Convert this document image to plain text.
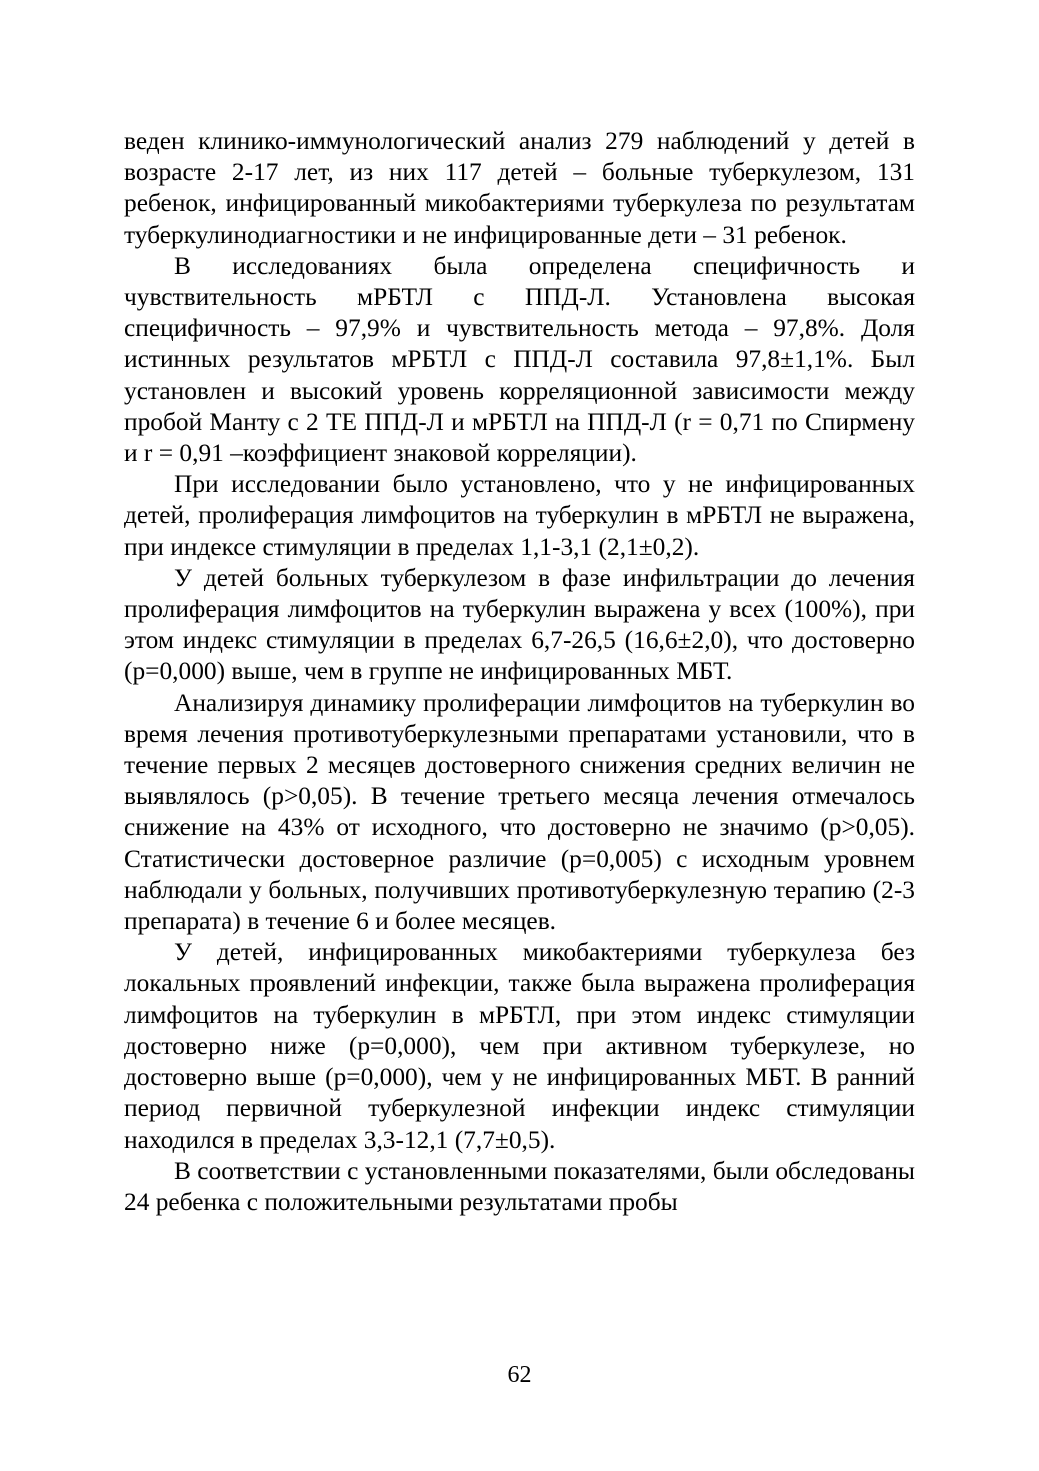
веден клинико-иммунологический анализ 279 наблюдений у детей в возрасте 2-17 лет, из них 117 детей – больные туберкулезом, 131 ребенок, инфицированный микобактериями туберкулеза по результатам туберкулинодиагностики и не инфицированные дети – 31 ребенок.

В исследованиях была определена специфичность и чувствительность мРБТЛ с ППД-Л. Установлена высокая специфичность – 97,9% и чувствительность метода – 97,8%. Доля истинных результатов мРБТЛ с ППД-Л составила 97,8±1,1%. Был установлен и высокий уровень корреляционной зависимости между пробой Манту с 2 ТЕ ППД-Л и мРБТЛ на ППД-Л (r = 0,71 по Спирмену и r = 0,91 –коэффициент знаковой корреляции).

При исследовании было установлено, что у не инфицированных детей, пролиферация лимфоцитов на туберкулин в мРБТЛ не выражена, при индексе стимуляции в пределах 1,1-3,1 (2,1±0,2).

У детей больных туберкулезом в фазе инфильтрации до лечения пролиферация лимфоцитов на туберкулин выражена у всех (100%), при этом индекс стимуляции в пределах 6,7-26,5 (16,6±2,0), что достоверно (p=0,000) выше, чем в группе не инфицированных МБТ.

Анализируя динамику пролиферации лимфоцитов на туберкулин во время лечения противотуберкулезными препаратами установили, что в течение первых 2 месяцев достоверного снижения средних величин не выявлялось (p>0,05). В течение третьего месяца лечения отмечалось снижение на 43% от исходного, что достоверно не значимо (p>0,05). Статистически достоверное различие (p=0,005) с исходным уровнем наблюдали у больных, получивших противотуберкулезную терапию (2-3 препарата) в течение 6 и более месяцев.

У детей, инфицированных микобактериями туберкулеза без локальных проявлений инфекции, также была выражена пролиферация лимфоцитов на туберкулин в мРБТЛ, при этом индекс стимуляции достоверно ниже (p=0,000), чем при активном туберкулезе, но достоверно выше (p=0,000), чем у не инфицированных МБТ. В ранний период первичной туберкулезной инфекции индекс стимуляции находился в пределах 3,3-12,1 (7,7±0,5).

В соответствии с установленными показателями, были обследованы 24 ребенка с положительными результатами пробы

62
